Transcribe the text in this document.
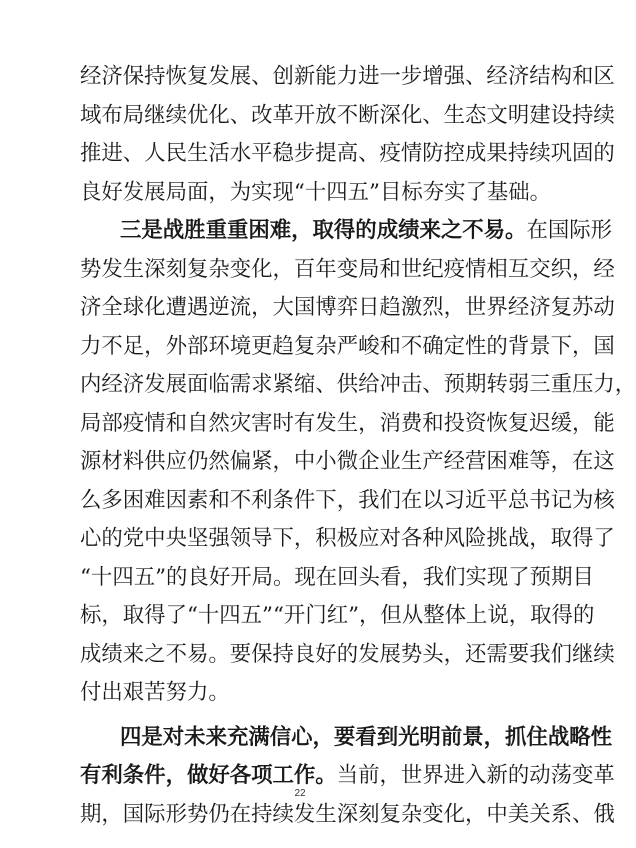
经济保持恢复发展、创新能力进一步增强、经济结构和区
域布局继续优化、改革开放不断深化、生态文明建设持续
推进、人民生活水平稳步提高、疫情防控成果持续巩固的
良好发展局面，为实现“十四五”目标夯实了基础。
三是战胜重重困难，取得的成绩来之不易。在国际形
势发生深刻复杂变化，百年变局和世纪疫情相互交织，经
济全球化遭遇逆流，大国博弈日趋激烈，世界经济复苏动
力不足，外部环境更趋复杂严峻和不确定性的背景下，国
内经济发展面临需求紧缩、供给冲击、预期转弱三重压力，
局部疫情和自然灾害时有发生，消费和投资恢复迟缓，能
源材料供应仍然偏紧，中小微企业生产经营困难等，在这
么多困难因素和不利条件下，我们在以习近平总书记为核
心的党中央坚强领导下，积极应对各种风险挑战，取得了
“十四五”的良好开局。现在回头看，我们实现了预期目
标，取得了“十四五”“开门红”，但从整体上说，取得的
成绩来之不易。要保持良好的发展势头，还需要我们继续
付出艰苦努力。
四是对未来充满信心，要看到光明前景，抓住战略性
有利条件，做好各项工作。当前，世界进入新的动荡变革
期，国际形势仍在持续发生深刻复杂变化，中美关系、俄
22
